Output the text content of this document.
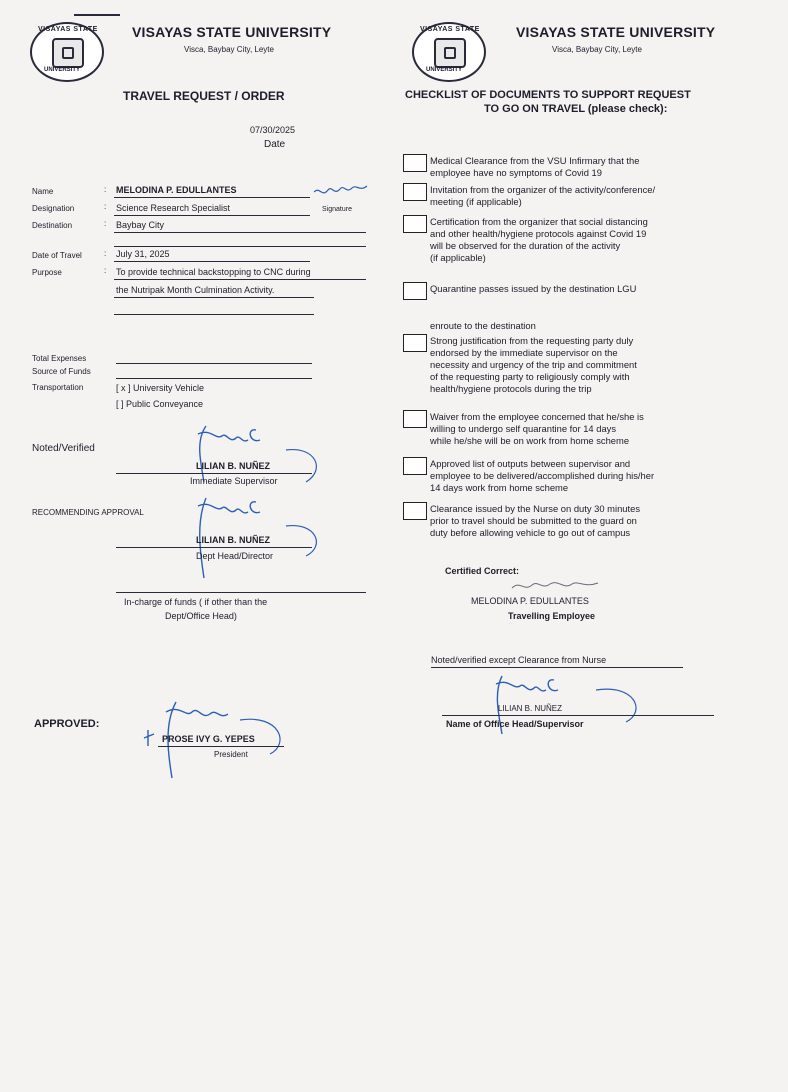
VISAYAS STATE
UNIVERSITY
VISAYAS STATE UNIVERSITY
Visca, Baybay City, Leyte
TRAVEL REQUEST / ORDER
07/30/2025
Date
Name	: MELODINA P. EDULLANTES
Signature
Designation	: Science Research Specialist
Destination	: Baybay City
Date of Travel	: July 31, 2025
Purpose	: To provide technical backstopping to CNC during
the Nutripak Month Culmination Activity.
Total Expenses
Source of Funds
Transportation	[ x ] University Vehicle
[ ] Public Conveyance
Noted/Verified
LILIAN B. NUÑEZ
Immediate Supervisor
RECOMMENDING APPROVAL
LILIAN B. NUÑEZ
Dept Head/Director
In-charge of funds ( if other than the
Dept/Office Head)
APPROVED:
PROSE IVY G. YEPES
President
VISAYAS STATE
UNIVERSITY
VISAYAS STATE UNIVERSITY
Visca, Baybay City, Leyte
CHECKLIST OF DOCUMENTS TO SUPPORT REQUEST
TO GO ON TRAVEL (please check):
Medical Clearance from the VSU Infirmary that the
employee have no symptoms of Covid 19
Invitation from the organizer of the activity/conference/
meeting (if applicable)
Certification from the organizer that social distancing
and other health/hygiene protocols against Covid 19
will be observed for the duration of the activity
(if applicable)
Quarantine passes issued by the destination LGU
enroute to the destination
Strong justification from the requesting party duly
endorsed by the immediate supervisor on the
necessity and urgency of the trip and commitment
of the requesting party to religiously comply with
health/hygiene protocols during the trip
Waiver from the employee concerned that he/she is
willing to undergo self quarantine for 14 days
while he/she will be on work from home scheme
Approved list of outputs between supervisor and
employee to be delivered/accomplished during his/her
14 days work from home scheme
Clearance issued by the Nurse on duty 30 minutes
prior to travel should be submitted to the guard on
duty before allowing vehicle to go out of campus
Certified Correct:
MELODINA P. EDULLANTES
Travelling Employee
Noted/verified except Clearance from Nurse
LILIAN B. NUÑEZ
Name of Office Head/Supervisor
